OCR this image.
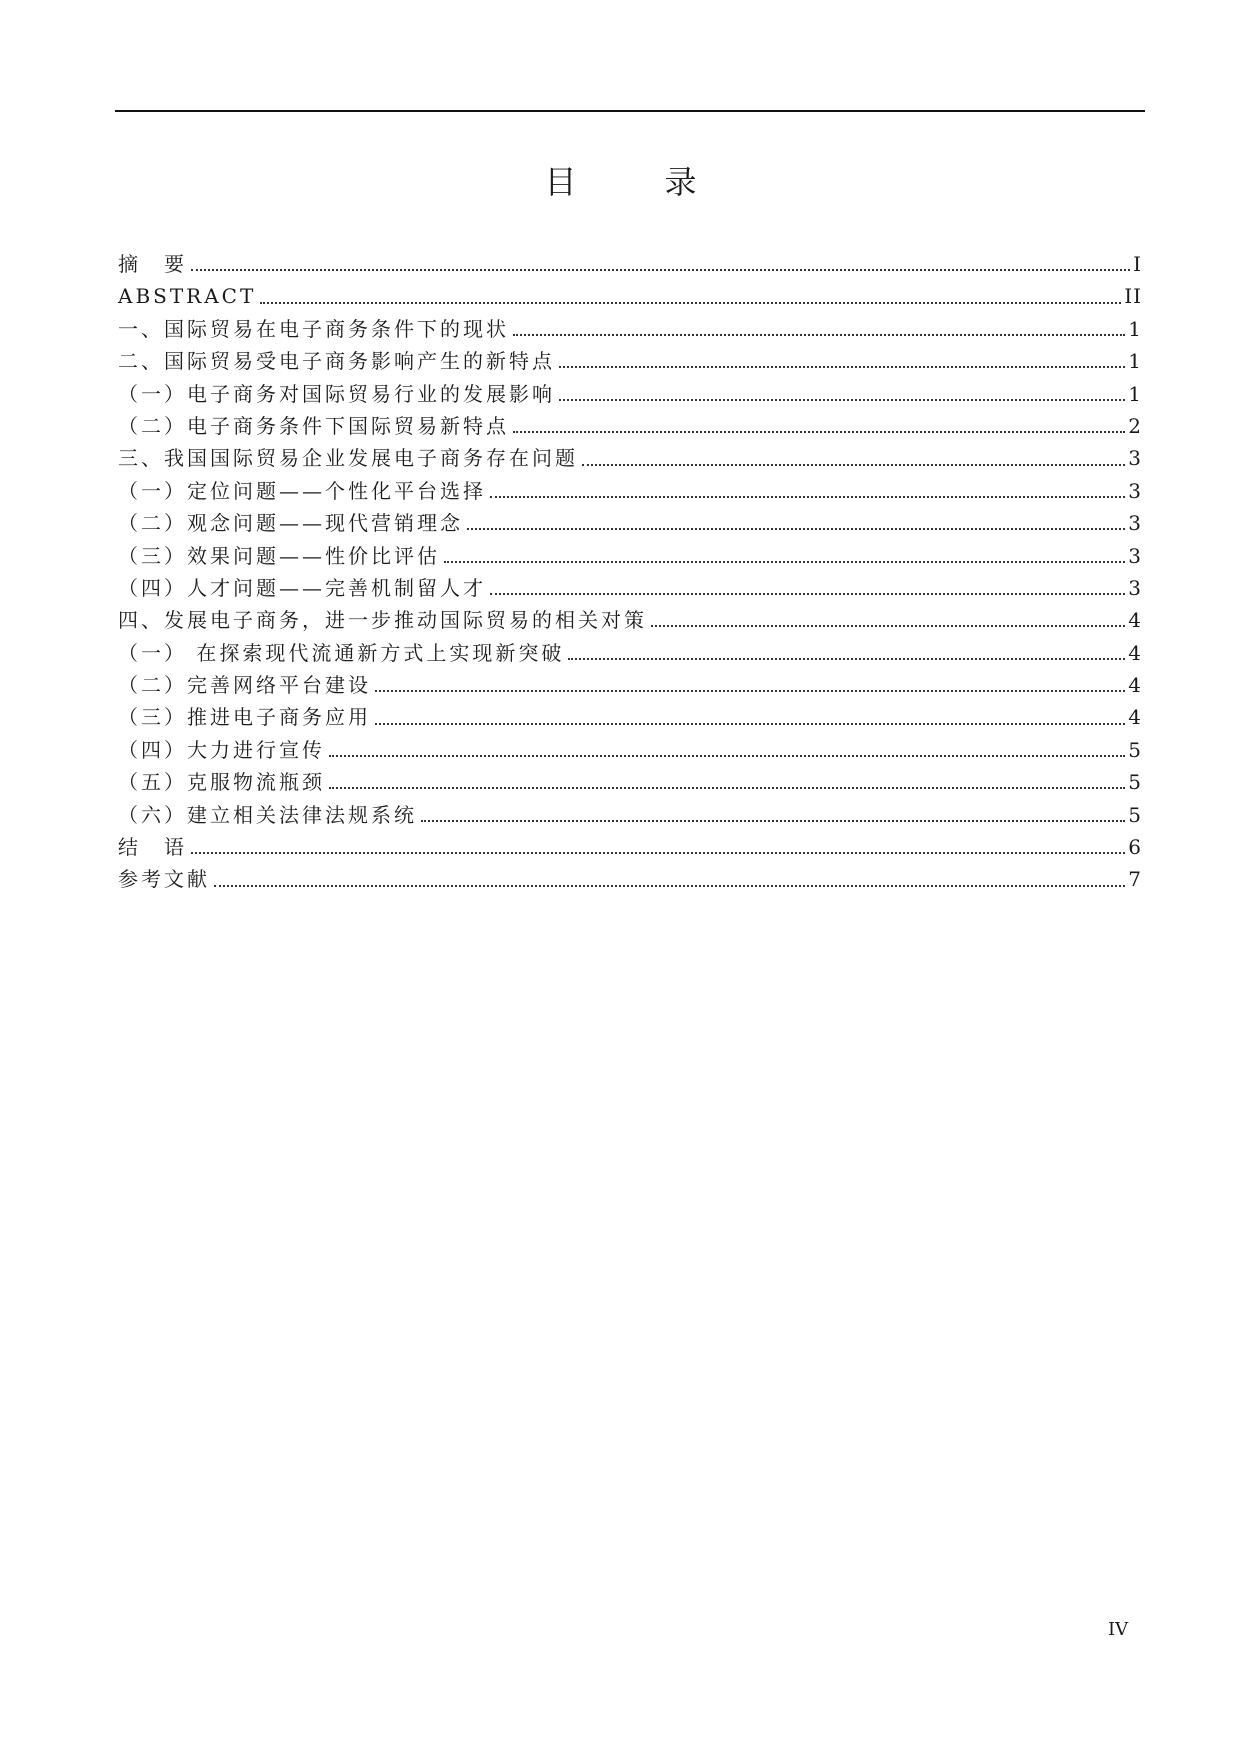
目　录
摘　要	I
ABSTRACT	II
一、国际贸易在电子商务条件下的现状	1
二、国际贸易受电子商务影响产生的新特点	1
（一）电子商务对国际贸易行业的发展影响	1
（二）电子商务条件下国际贸易新特点	2
三、我国国际贸易企业发展电子商务存在问题	3
（一）定位问题——个性化平台选择	3
（二）观念问题——现代营销理念	3
（三）效果问题——性价比评估	3
（四）人才问题——完善机制留人才	3
四、发展电子商务，进一步推动国际贸易的相关对策	4
（一） 在探索现代流通新方式上实现新突破	4
（二）完善网络平台建设	4
（三）推进电子商务应用	4
（四）大力进行宣传	5
（五）克服物流瓶颈	5
（六）建立相关法律法规系统	5
结　语	6
参考文献	7
IV
